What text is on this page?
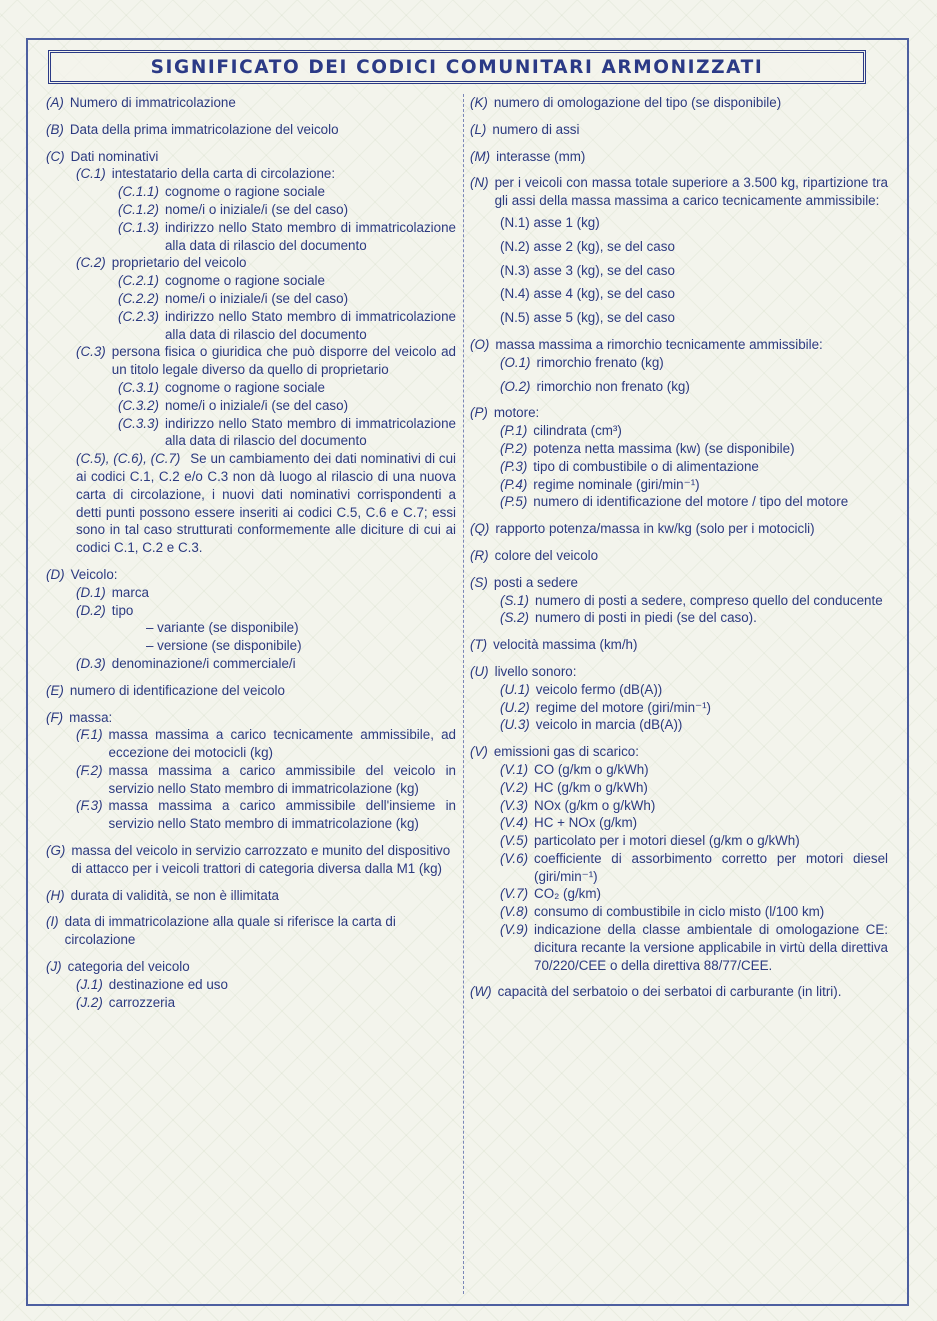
SIGNIFICATO DEI CODICI COMUNITARI ARMONIZZATI
(A) Numero di immatricolazione
(B) Data della prima immatricolazione del veicolo
(C) Dati nominativi
(C.1) intestatario della carta di circolazione:
(C.1.1) cognome o ragione sociale
(C.1.2) nome/i o iniziale/i (se del caso)
(C.1.3) indirizzo nello Stato membro di immatricolazione alla data di rilascio del documento
(C.2) proprietario del veicolo
(C.2.1) cognome o ragione sociale
(C.2.2) nome/i o iniziale/i (se del caso)
(C.2.3) indirizzo nello Stato membro di immatricolazione alla data di rilascio del documento
(C.3) persona fisica o giuridica che può disporre del veicolo ad un titolo legale diverso da quello di proprietario
(C.3.1) cognome o ragione sociale
(C.3.2) nome/i o iniziale/i (se del caso)
(C.3.3) indirizzo nello Stato membro di immatricolazione alla data di rilascio del documento
(C.5), (C.6), (C.7) Se un cambiamento dei dati nominativi di cui ai codici C.1, C.2 e/o C.3 non dà luogo al rilascio di una nuova carta di circolazione, i nuovi dati nominativi corrispondenti a detti punti possono essere inseriti ai codici C.5, C.6 e C.7; essi sono in tal caso strutturati conformemente alle diciture di cui ai codici C.1, C.2 e C.3.
(D) Veicolo:
(D.1) marca
(D.2) tipo
– variante (se disponibile)
– versione (se disponibile)
(D.3) denominazione/i commerciale/i
(E) numero di identificazione del veicolo
(F) massa:
(F.1) massa massima a carico tecnicamente ammissibile, ad eccezione dei motocicli (kg)
(F.2) massa massima a carico ammissibile del veicolo in servizio nello Stato membro di immatricolazione (kg)
(F.3) massa massima a carico ammissibile dell'insieme in servizio nello Stato membro di immatricolazione (kg)
(G) massa del veicolo in servizio carrozzato e munito del dispositivo di attacco per i veicoli trattori di categoria diversa dalla M1 (kg)
(H) durata di validità, se non è illimitata
(I) data di immatricolazione alla quale si riferisce la carta di circolazione
(J) categoria del veicolo
(J.1) destinazione ed uso
(J.2) carrozzeria
(K) numero di omologazione del tipo (se disponibile)
(L) numero di assi
(M) interasse (mm)
(N) per i veicoli con massa totale superiore a 3.500 kg, ripartizione tra gli assi della massa massima a carico tecnicamente ammissibile:
(N.1) asse 1 (kg)
(N.2) asse 2 (kg), se del caso
(N.3) asse 3 (kg), se del caso
(N.4) asse 4 (kg), se del caso
(N.5) asse 5 (kg), se del caso
(O) massa massima a rimorchio tecnicamente ammissibile:
(O.1) rimorchio frenato (kg)
(O.2) rimorchio non frenato (kg)
(P) motore:
(P.1) cilindrata (cm³)
(P.2) potenza netta massima (kw) (se disponibile)
(P.3) tipo di combustibile o di alimentazione
(P.4) regime nominale (giri/min⁻¹)
(P.5) numero di identificazione del motore / tipo del motore
(Q) rapporto potenza/massa in kw/kg (solo per i motocicli)
(R) colore del veicolo
(S) posti a sedere
(S.1) numero di posti a sedere, compreso quello del conducente
(S.2) numero di posti in piedi (se del caso).
(T) velocità massima (km/h)
(U) livello sonoro:
(U.1) veicolo fermo (dB(A))
(U.2) regime del motore (giri/min⁻¹)
(U.3) veicolo in marcia (dB(A))
(V) emissioni gas di scarico:
(V.1) CO (g/km o g/kWh)
(V.2) HC (g/km o g/kWh)
(V.3) NOx (g/km o g/kWh)
(V.4) HC + NOx (g/km)
(V.5) particolato per i motori diesel (g/km o g/kWh)
(V.6) coefficiente di assorbimento corretto per motori diesel (giri/min⁻¹)
(V.7) CO₂ (g/km)
(V.8) consumo di combustibile in ciclo misto (l/100 km)
(V.9) indicazione della classe ambientale di omologazione CE: dicitura recante la versione applicabile in virtù della direttiva 70/220/CEE o della direttiva 88/77/CEE.
(W) capacità del serbatoio o dei serbatoi di carburante (in litri).
